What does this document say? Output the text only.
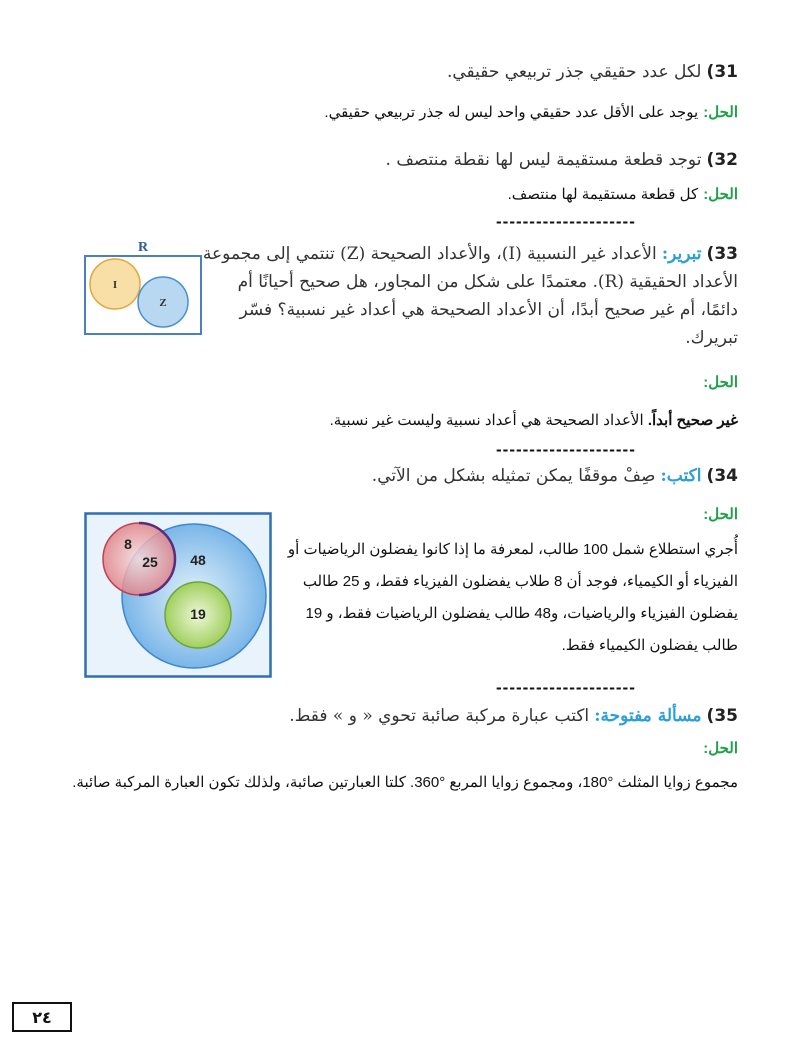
31) لكل عدد حقيقي جذر تربيعي حقيقي.
الحل: يوجد على الأقل عدد حقيقي واحد ليس له جذر تربيعي حقيقي.
32) توجد قطعة مستقيمة ليس لها نقطة منتصف .
الحل: كل قطعة مستقيمة لها منتصف.
---------------------
33) تبرير: الأعداد غير النسبية (I)، والأعداد الصحيحة (Z) تنتمي إلى مجموعة
الأعداد الحقيقية (R). معتمدًا على شكل من المجاور، هل صحيح أحيانًا أم
دائمًا، أم غير صحيح أبدًا، أن الأعداد الصحيحة هي أعداد غير نسبية؟ فسّر
تبريرك.
R
I
Z
الحل:
غير صحيح أبداً. الأعداد الصحيحة هي أعداد نسبية وليست غير نسبية.
---------------------
34) اكتب: صِفْ موقفًا يمكن تمثيله بشكل من الآتي.
الحل:
8
25 48
19
أُجري استطلاع شمل 100 طالب، لمعرفة ما إذا كانوا يفضلون الرياضيات أو
الفيزياء أو الكيمياء، فوجد أن 8 طلاب يفضلون الفيزياء فقط، و 25 طالب
يفضلون الفيزياء والرياضيات، و48 طالب يفضلون الرياضيات فقط، و 19
طالب يفضلون الكيمياء فقط.
---------------------
35) مسألة مفتوحة: اكتب عبارة مركبة صائبة تحوي « و » فقط.
الحل:
مجموع زوايا المثلث °180، ومجموع زوايا المربع °360. كلتا العبارتين صائبة، ولذلك تكون العبارة المركبة صائبة.
٢٤
